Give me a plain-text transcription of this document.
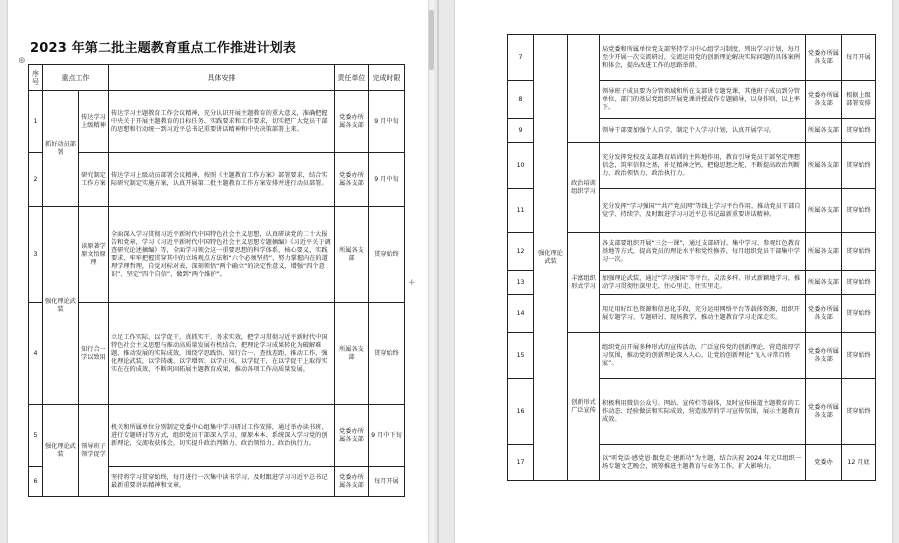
⊕
+
2023 年第二批主题教育重点工作推进计划表
序号	重点工作		具体安排	责任单位	完成时限
1	抓好动员部署	传达学习上级精神	传达学习主题教育工作会议精神，充分认识开展主题教育的重大意义，准确把握中央关于开展主题教育的目标任务、实践要求和工作要求，切实把广大党员干部的思想和行动统一到习近平总书记重要讲话精神和中央决策部署上来。	党委办所属各支部	9 月中旬
2		研究制定工作方案	传达学习上级动员部署会议精神，按照《主题教育工作方案》部署要求，结合实际研究制定实施方案，认真开展第二批主题教育工作方案安排并进行动员部署。	党委办所属各支部	9 月中旬
3	强化理论武装	读原著学原文悟原理	全面深入学习贯彻习近平新时代中国特色社会主义思想，认真研读党的二十大报告和党章，学习《习近平新时代中国特色社会主义思想专题摘编》《习近平关于调查研究论述摘编》等，全面学习领会这一重要思想的科学体系、核心要义、实践要求，牢牢把握贯穿其中的立场观点方法和“六个必须坚持”，努力掌握内在的道理学理哲理，自觉对标对表，深刻领悟“两个确立”的决定性意义，增强“四个意识”、坚定“四个自信”、做到“两个维护”。	所属各支部	贯穿始终
4		知行合一学以致用	立足工作实际，以学促干，真抓实干、务求实效，把学习贯彻习近平新时代中国特色社会主义思想与推动高质量发展有机结合，把理论学习成果转化为破解难题、推动发展的实际成效，围绕学思践悟、知行合一、查找差距、推动工作，强化理论武装，以学铸魂、以学增智、以学正风、以学促干，在以学促干上取得实实在在的成效，不断巩固拓展主题教育成果，推动各项工作高质量发展。	所属各支部	贯穿始终
5	强化理论武装	领导班子领学促学	机关和所属单位分别制定党委中心组集中学习研讨工作安排，通过举办读书班、进行专题研讨等方式，组织党员干部深入学习、原原本本、系统深入学习党的创新理论，交流收获体会，切实提升政治判断力、政治领悟力、政治执行力。	党委办所属各支部	9 月中下旬
6			坚持将学习贯穿始终，每月进行一次集中读书学习，及时跟进学习习近平总书记最新重要讲话精神和文章。	党委办所属各支部	每月开展
7	强化理论武装		局党委和所属单位党支部坚持学习中心组学习制度，列出学习计划，每月至少开展一次交流研讨，交流运用党的创新理论解决实际问题的具体案例和体会，提出改进工作的思路举措。	党委办所属各支部	每月开展
8			领导班子成员要为分管领域和所在支部讲专题党课，其他班子成员到分管单位、部门的基层党组织开展党课讲授或作专题辅导，以身作则、以上率下。	党委办所属各支部	根据上级部署安排
9			领导干部要加强个人自学，制定个人学习计划，认真开展学习。	所属各支部	贯穿始终
10		政治培训组织学习	充分发挥党校及支部教育培训的主阵地作用，教育引导党员干部坚定理想信念，筑牢信仰之基，补足精神之钙，把稳思想之舵，不断提高政治判断力、政治领悟力、政治执行力。	所属各支部	贯穿始终
11			充分发挥“学习强国”“共产党员网”等线上学习平台作用，推动党员干部自觉学、持续学，及时跟进学习习近平总书记最新重要讲话精神。	所属各支部	贯穿始终
12		丰富组织形式学习	各支部要组织开展“三会一课”，通过支部研讨、集中学习、参观红色教育基地等方式，提高党员的理论水平和党性修养，每月组织党员干部集中学习一次。	所属各支部	贯穿始终
13			加强理论武装，通过“学习强国”等平台，灵活多样、形式新颖地学习，推动学习贯彻往深里走、往心里走、往实里走。	所属各支部	贯穿始终
14			用足用好红色资源和信息化手段，充分运用网络平台等载体资源，组织开展专题学习、专题研讨、现场教学，推动主题教育学习走深走实。	党委办所属各支部	贯穿始终
15		创新形式广泛宣传	组织党员开展多种形式的宣传活动，广泛宣传党的创新理论，营造浓厚学习氛围，推动党的创新理论深入人心，让党的创新理论“飞入寻常百姓家”。	党委办所属各支部	贯穿始终
16			积极利用微信公众号、网站、宣传栏等载体，及时宣传报道主题教育的工作动态、经验做法和实际成效，营造浓厚的学习宣传氛围，展示主题教育成效。	党委办所属各支部	贯穿始终
17			以“听党话·感党恩·跟党走·建新功”为主题，结合庆祝 2024 年元旦组织一场专题文艺晚会，统筹推进主题教育与业务工作，扩大影响力。	党委办	12 月底
